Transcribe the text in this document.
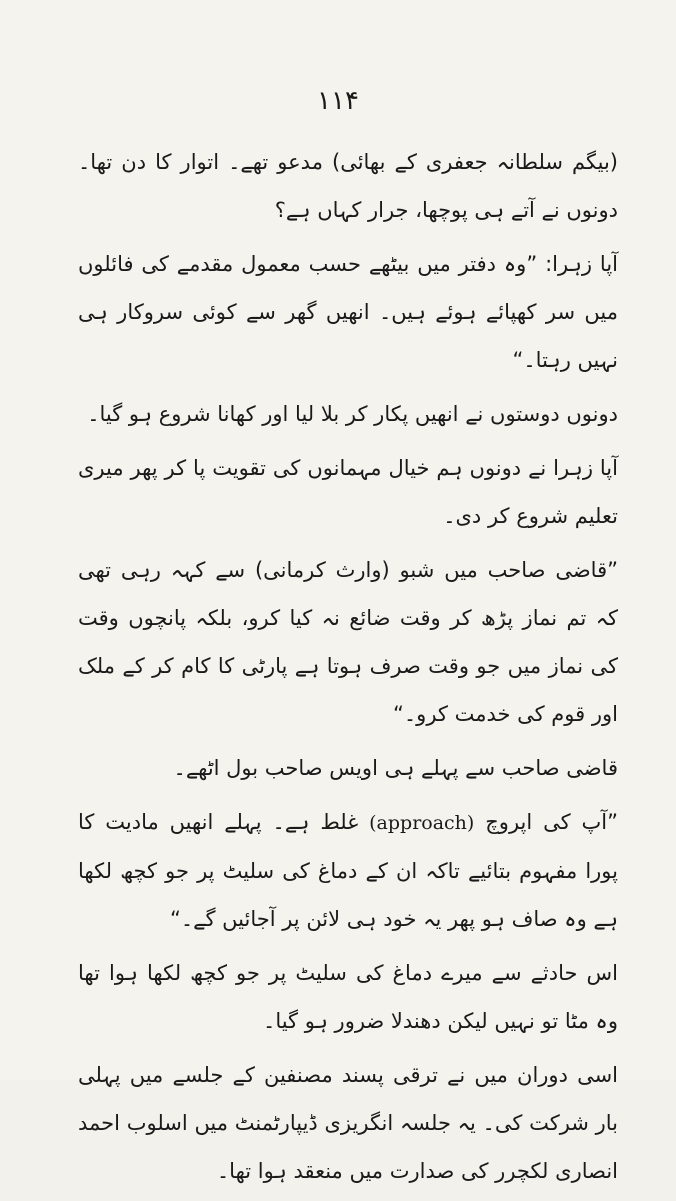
۱۱۴

(بیگم سلطانہ جعفری کے بھائی) مدعو تھے۔ اتوار کا دن تھا۔ دونوں نے آتے ہی پوچھا، جرار کہاں ہے؟

آپا زہرا: ”وہ دفتر میں بیٹھے حسب معمول مقدمے کی فائلوں میں سر کھپائے ہوئے ہیں۔ انھیں گھر سے کوئی سروکار ہی نہیں رہتا۔“

دونوں دوستوں نے انھیں پکار کر بلا لیا اور کھانا شروع ہو گیا۔

آپا زہرا نے دونوں ہم خیال مہمانوں کی تقویت پا کر پھر میری تعلیم شروع کر دی۔

”قاضی صاحب میں شبو (وارث کرمانی) سے کہہ رہی تھی کہ تم نماز پڑھ کر وقت ضائع نہ کیا کرو، بلکہ پانچوں وقت کی نماز میں جو وقت صرف ہوتا ہے پارٹی کا کام کر کے ملک اور قوم کی خدمت کرو۔“

قاضی صاحب سے پہلے ہی اویس صاحب بول اٹھے۔

”آپ کی اپروچ (approach) غلط ہے۔ پہلے انھیں مادیت کا پورا مفہوم بتائیے تاکہ ان کے دماغ کی سلیٹ پر جو کچھ لکھا ہے وہ صاف ہو پھر یہ خود ہی لائن پر آجائیں گے۔“

اس حادثے سے میرے دماغ کی سلیٹ پر جو کچھ لکھا ہوا تھا وہ مٹا تو نہیں لیکن دھندلا ضرور ہو گیا۔

اسی دوران میں نے ترقی پسند مصنفین کے جلسے میں پہلی بار شرکت کی۔ یہ جلسہ انگریزی ڈیپارٹمنٹ میں اسلوب احمد انصاری لکچرر کی صدارت میں منعقد ہوا تھا۔
